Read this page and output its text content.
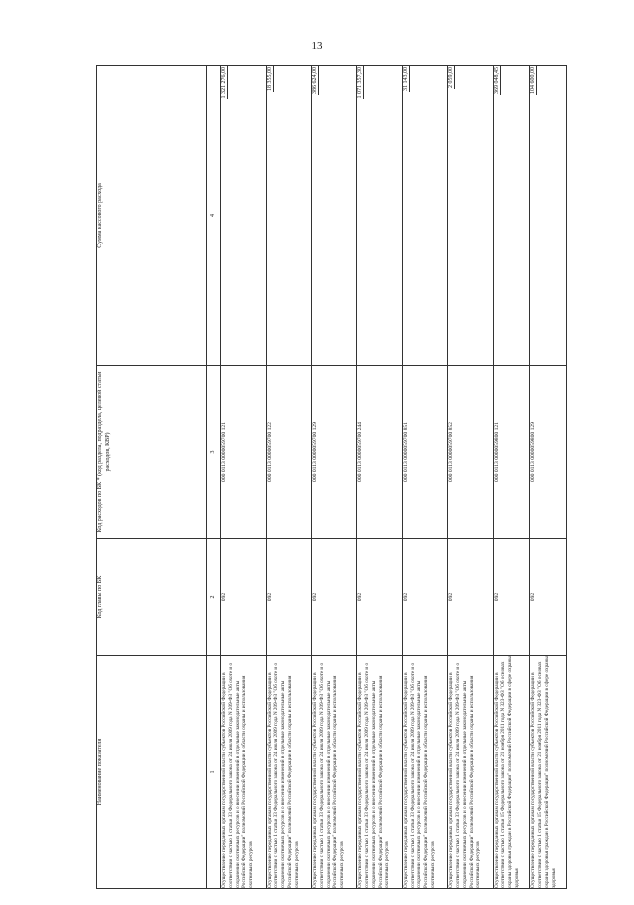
13
Наименование показателя	Код главы по БК	Код расходов по БК * (код раздела, подраздела, целевой статьи расходов, КВР)	Сумма кассового расхода
1	2	3	4
Осуществление переданных органам государственной власти субъектов Российской Федерации в соответствии с частью 1 статьи 33 Федерального закона от 24 июля 2009 года N 209-ФЗ "Об охоте и о сохранении охотничьих ресурсов и о внесении изменений в отдельные законодательные акты Российской Федерации" полномочий Российской Федерации в области охраны и использования охотничьих ресурсов	092	000 0113 0000059700 121	1 321 276,00
Осуществление переданных органам государственной власти субъектов Российской Федерации в соответствии с частью 1 статьи 33 Федерального закона от 24 июля 2009 года N 209-ФЗ "Об охоте и о сохранении охотничьих ресурсов и о внесении изменений в отдельные законодательные акты Российской Федерации" полномочий Российской Федерации в области охраны и использования охотничьих ресурсов	092	000 0113 0000059700 122	18 355,00
Осуществление переданных органам государственной власти субъектов Российской Федерации в соответствии с частью 1 статьи 33 Федерального закона от 24 июля 2009 года N 209-ФЗ "Об охоте и о сохранении охотничьих ресурсов и о внесении изменений в отдельные законодательные акты Российской Федерации" полномочий Российской Федерации в области охраны и использования охотничьих ресурсов	092	000 0113 0000059700 129	386 624,00
Осуществление переданных органам государственной власти субъектов Российской Федерации в соответствии с частью 1 статьи 33 Федерального закона от 24 июля 2009 года N 209-ФЗ "Об охоте и о сохранении охотничьих ресурсов и о внесении изменений в отдельные законодательные акты Российской Федерации" полномочий Российской Федерации в области охраны и использования охотничьих ресурсов	092	000 0113 0000059700 244	1 071 357,30
Осуществление переданных органам государственной власти субъектов Российской Федерации в соответствии с частью 1 статьи 33 Федерального закона от 24 июля 2009 года N 209-ФЗ "Об охоте и о сохранении охотничьих ресурсов и о внесении изменений в отдельные законодательные акты Российской Федерации" полномочий Российской Федерации в области охраны и использования охотничьих ресурсов	092	000 0113 0000059700 851	31 143,00
Осуществление переданных органам государственной власти субъектов Российской Федерации в соответствии с частью 1 статьи 33 Федерального закона от 24 июля 2009 года N 209-ФЗ "Об охоте и о сохранении охотничьих ресурсов и о внесении изменений в отдельные законодательные акты Российской Федерации" полномочий Российской Федерации в области охраны и использования охотничьих ресурсов	092	000 0113 0000059700 852	2 059,00
Осуществление переданных органам государственной власти субъектов Российской Федерации в соответствии с частью 1 статьи 15 Федерального закона от 21 ноября 2011 года N 323-ФЗ "Об основах охраны здоровья граждан в Российской Федерации" полномочий Российской Федерации в сфере охраны здоровья	092	000 0113 0000059800 121	369 048,45
Осуществление переданных органам государственной власти субъектов Российской Федерации в соответствии с частью 1 статьи 15 Федерального закона от 21 ноября 2011 года N 323-ФЗ "Об основах охраны здоровья граждан в Российской Федерации" полномочий Российской Федерации в сфере охраны здоровья	092	000 0113 0000059800 129	104 600,00
